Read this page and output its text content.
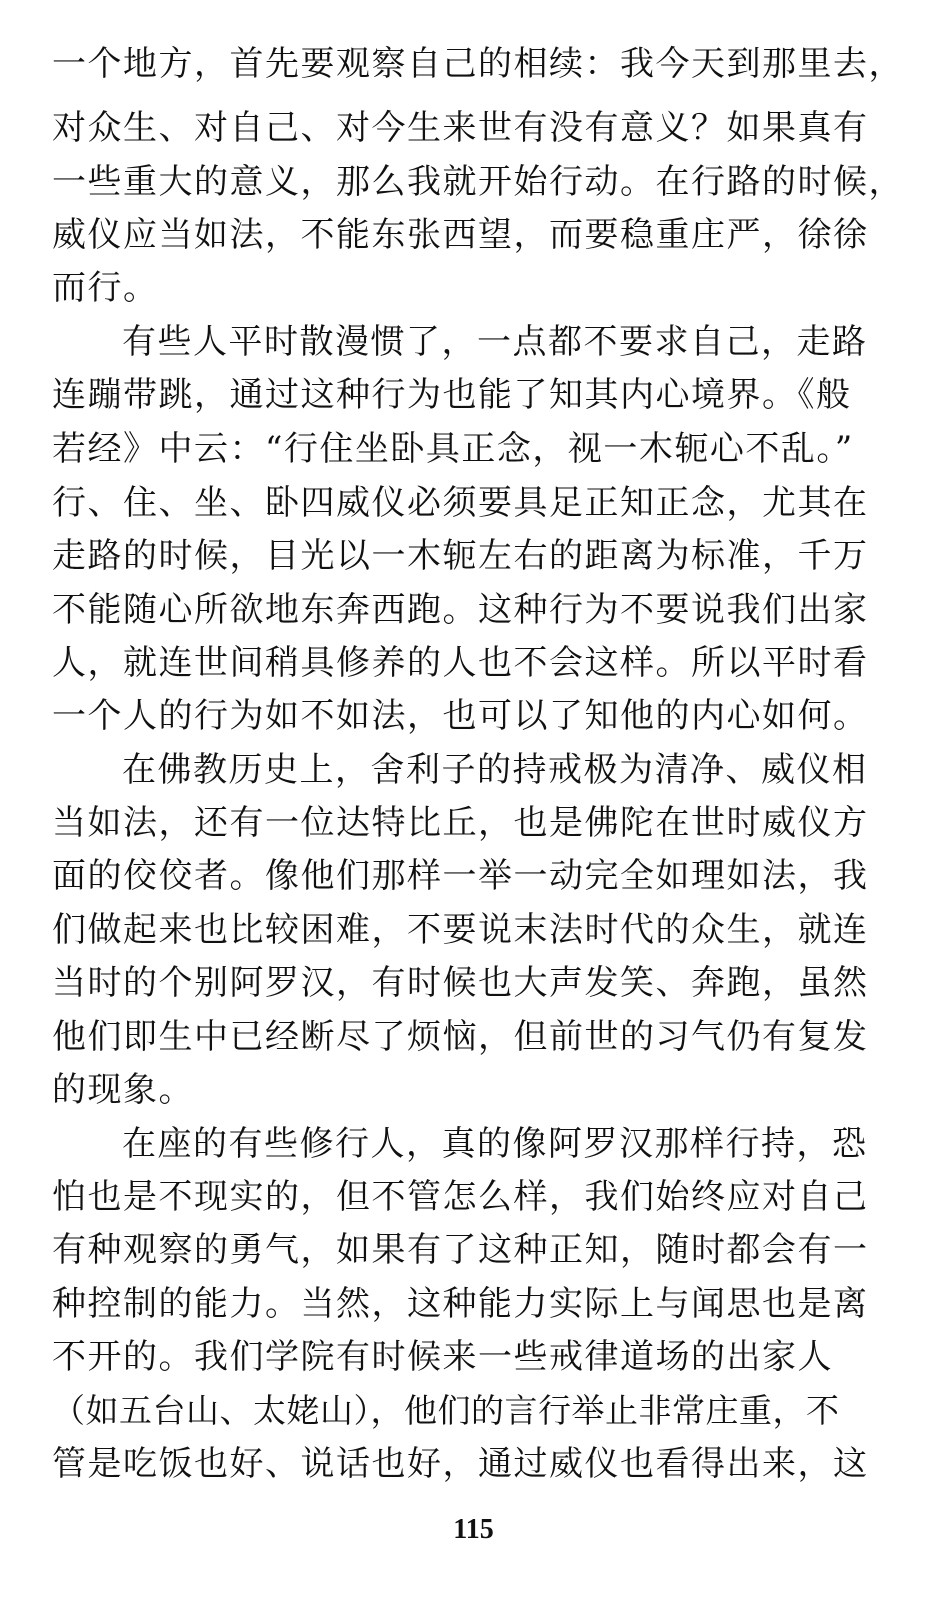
一个地方，首先要观察自己的相续：我今天到那里去，
对众生、对自己、对今生来世有没有意义？如果真有
一些重大的意义，那么我就开始行动。在行路的时候，
威仪应当如法，不能东张西望，而要稳重庄严，徐徐
而行。
有些人平时散漫惯了，一点都不要求自己，走路
连蹦带跳，通过这种行为也能了知其内心境界。《般
若经》中云：“行住坐卧具正念，视一木轭心不乱。”
行、住、坐、卧四威仪必须要具足正知正念，尤其在
走路的时候，目光以一木轭左右的距离为标准，千万
不能随心所欲地东奔西跑。这种行为不要说我们出家
人，就连世间稍具修养的人也不会这样。所以平时看
一个人的行为如不如法，也可以了知他的内心如何。
在佛教历史上，舍利子的持戒极为清净、威仪相
当如法，还有一位达特比丘，也是佛陀在世时威仪方
面的佼佼者。像他们那样一举一动完全如理如法，我
们做起来也比较困难，不要说末法时代的众生，就连
当时的个别阿罗汉，有时候也大声发笑、奔跑，虽然
他们即生中已经断尽了烦恼，但前世的习气仍有复发
的现象。
在座的有些修行人，真的像阿罗汉那样行持，恐
怕也是不现实的，但不管怎么样，我们始终应对自己
有种观察的勇气，如果有了这种正知，随时都会有一
种控制的能力。当然，这种能力实际上与闻思也是离
不开的。我们学院有时候来一些戒律道场的出家人
（如五台山、太姥山），他们的言行举止非常庄重，不
管是吃饭也好、说话也好，通过威仪也看得出来，这
115
